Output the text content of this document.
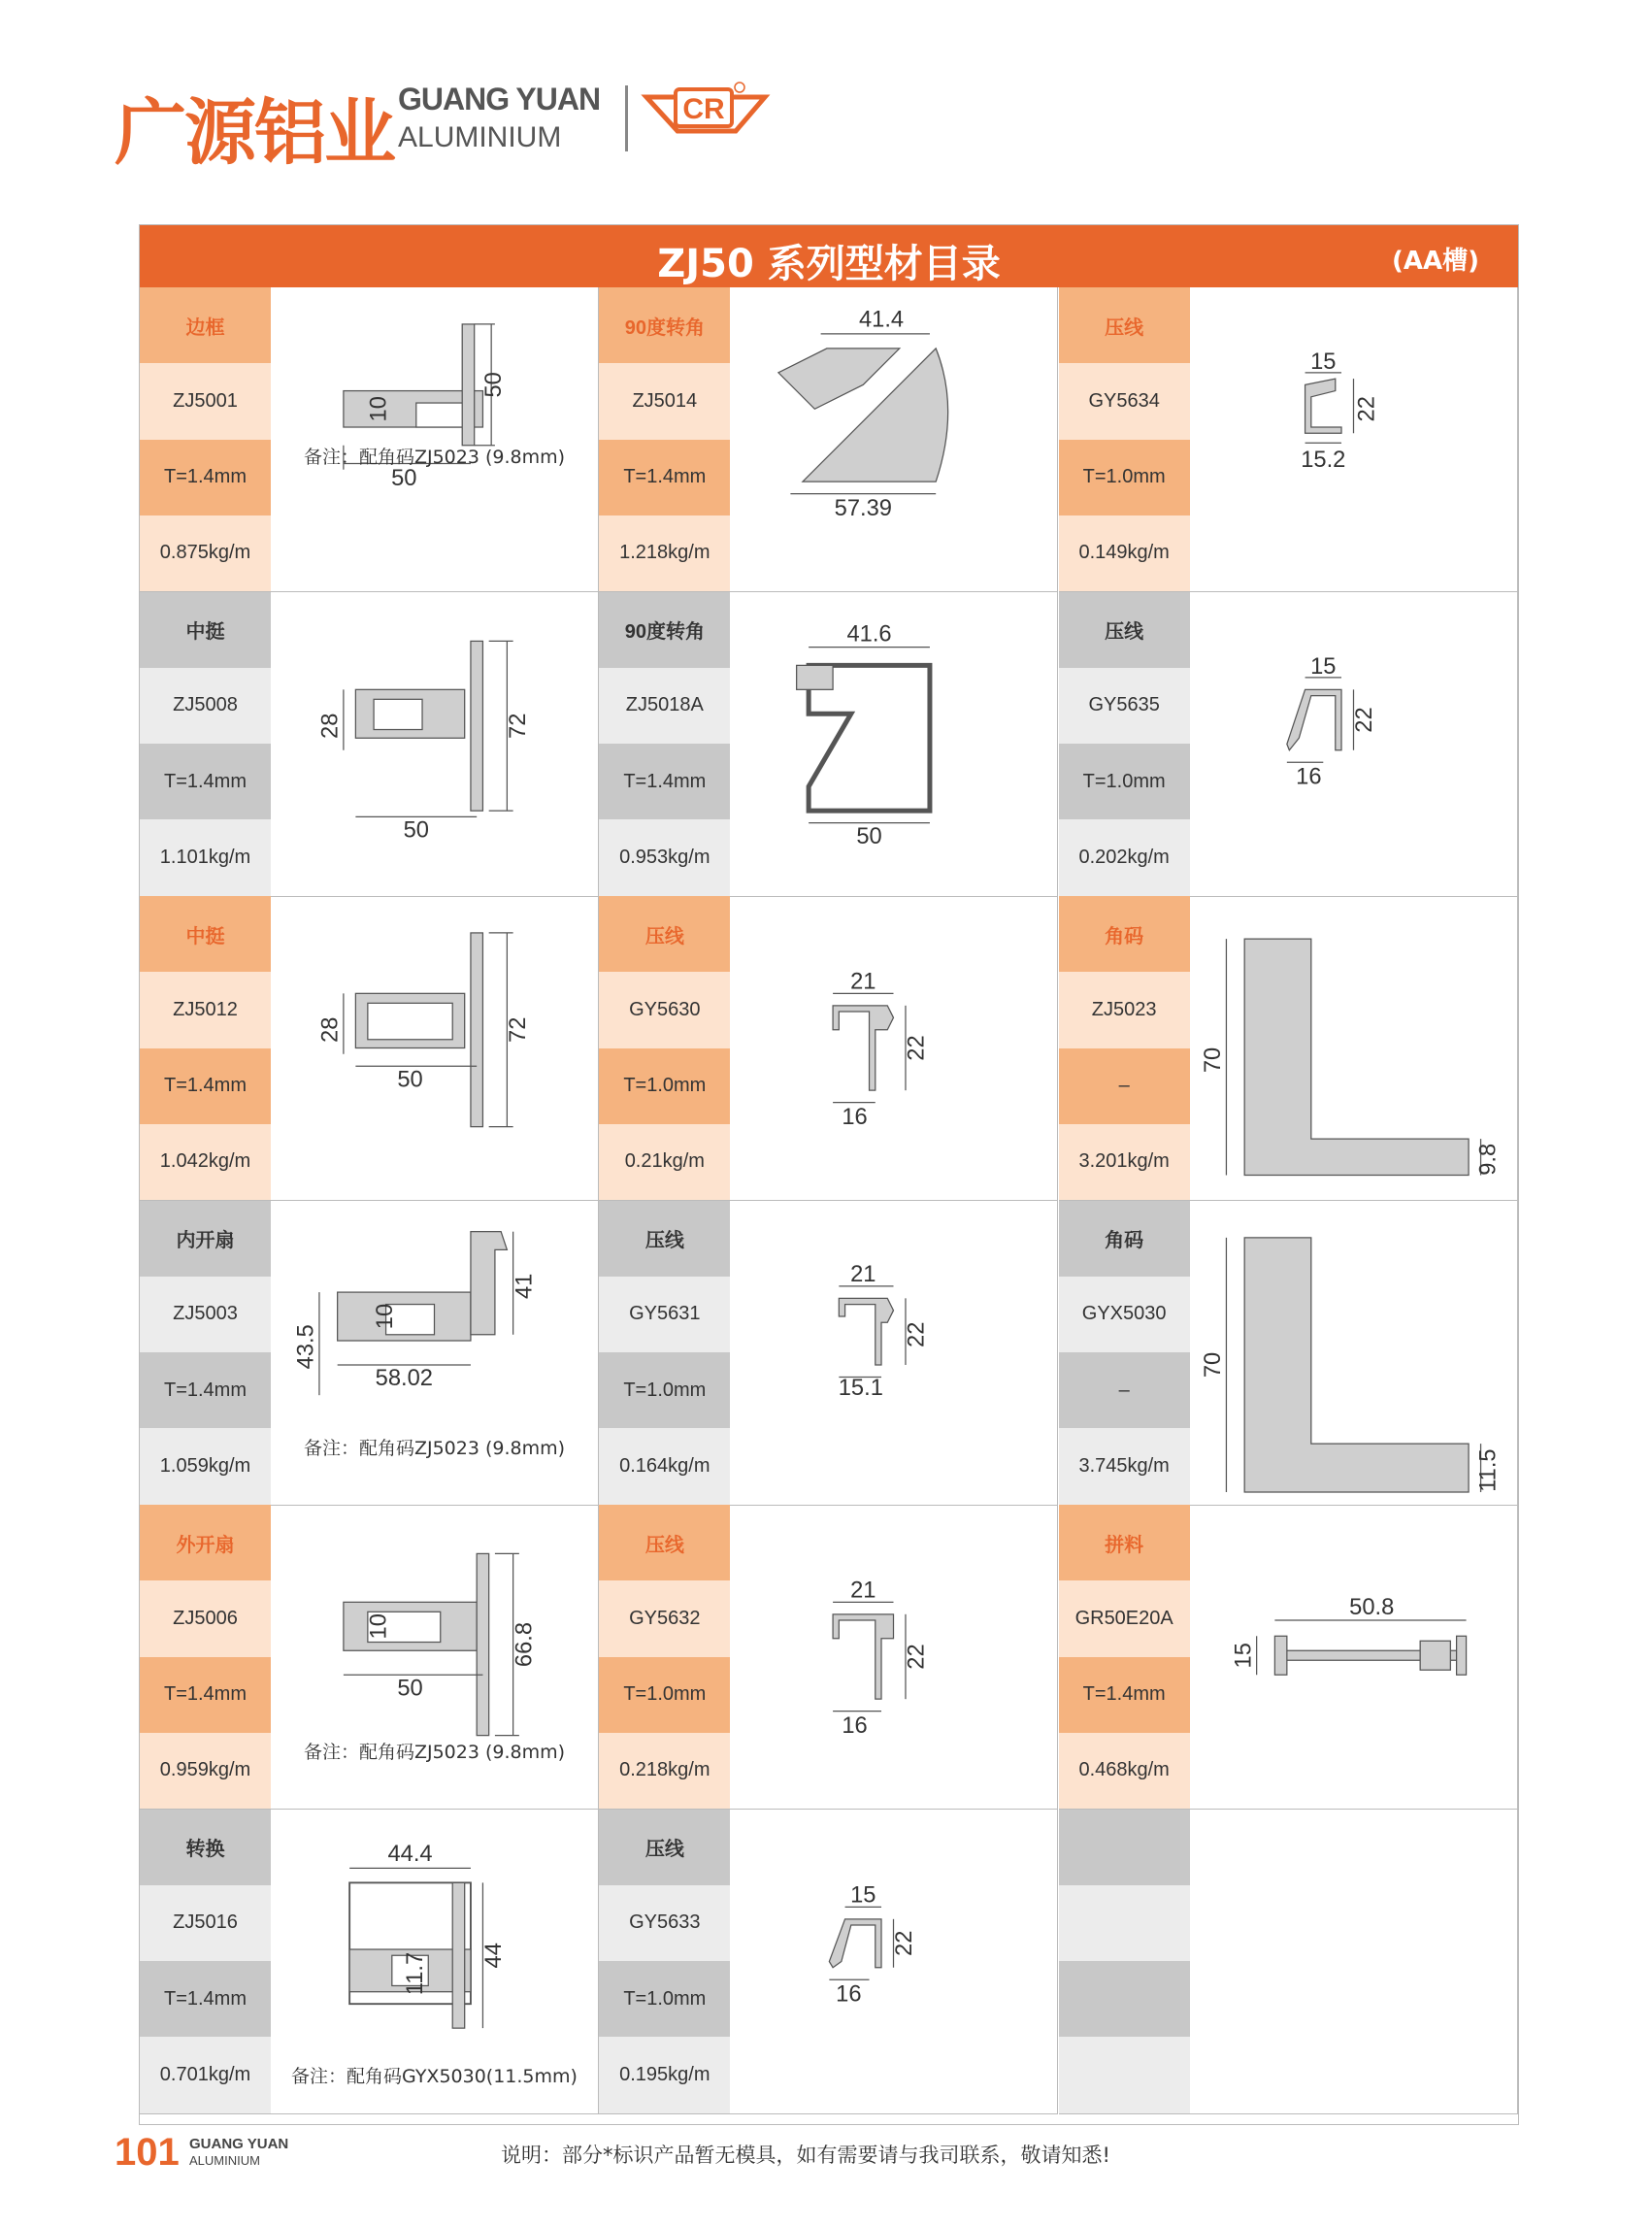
广源铝业 GUANG YUAN
ALUMINIUM
CR
ZJ50 系列型材目录	(AA槽)
边框
ZJ5001
T=1.4mm
0.875kg/m
10
50
50
备注：配角码ZJ5023 (9.8mm)
90度转角
ZJ5014
T=1.4mm
1.218kg/m
41.4
57.39
压线
GY5634
T=1.0mm
0.149kg/m
15
22
15.2
中挺
ZJ5008
T=1.4mm
1.101kg/m
28	72
50
90度转角
ZJ5018A
T=1.4mm
0.953kg/m
41.6
50
压线
GY5635
T=1.0mm
0.202kg/m
15
22
16
中挺
ZJ5012
T=1.4mm
1.042kg/m
28	72
50
压线
GY5630
T=1.0mm
0.21kg/m
21
22
16
角码
ZJ5023
–
3.201kg/m
70
9.8
内开扇
ZJ5003
T=1.4mm
1.059kg/m
43.5
10
41
58.02
备注：配角码ZJ5023 (9.8mm)
压线
GY5631
T=1.0mm
0.164kg/m
21
22
15.1
角码
GYX5030
–
3.745kg/m
70
11.5
外开扇
ZJ5006
T=1.4mm
0.959kg/m
10	66.8
50
备注：配角码ZJ5023 (9.8mm)
压线
GY5632
T=1.0mm
0.218kg/m
21
22
16
拼料
GR50E20A
T=1.4mm
0.468kg/m
50.8
15
转换
ZJ5016
T=1.4mm
0.701kg/m
44.4
44
11.7
备注：配角码GYX5030(11.5mm)
压线
GY5633
T=1.0mm
0.195kg/m
15
22
16
101 GUANG YUAN
ALUMINIUM	说明：部分*标识产品暂无模具，如有需要请与我司联系，敬请知悉!
